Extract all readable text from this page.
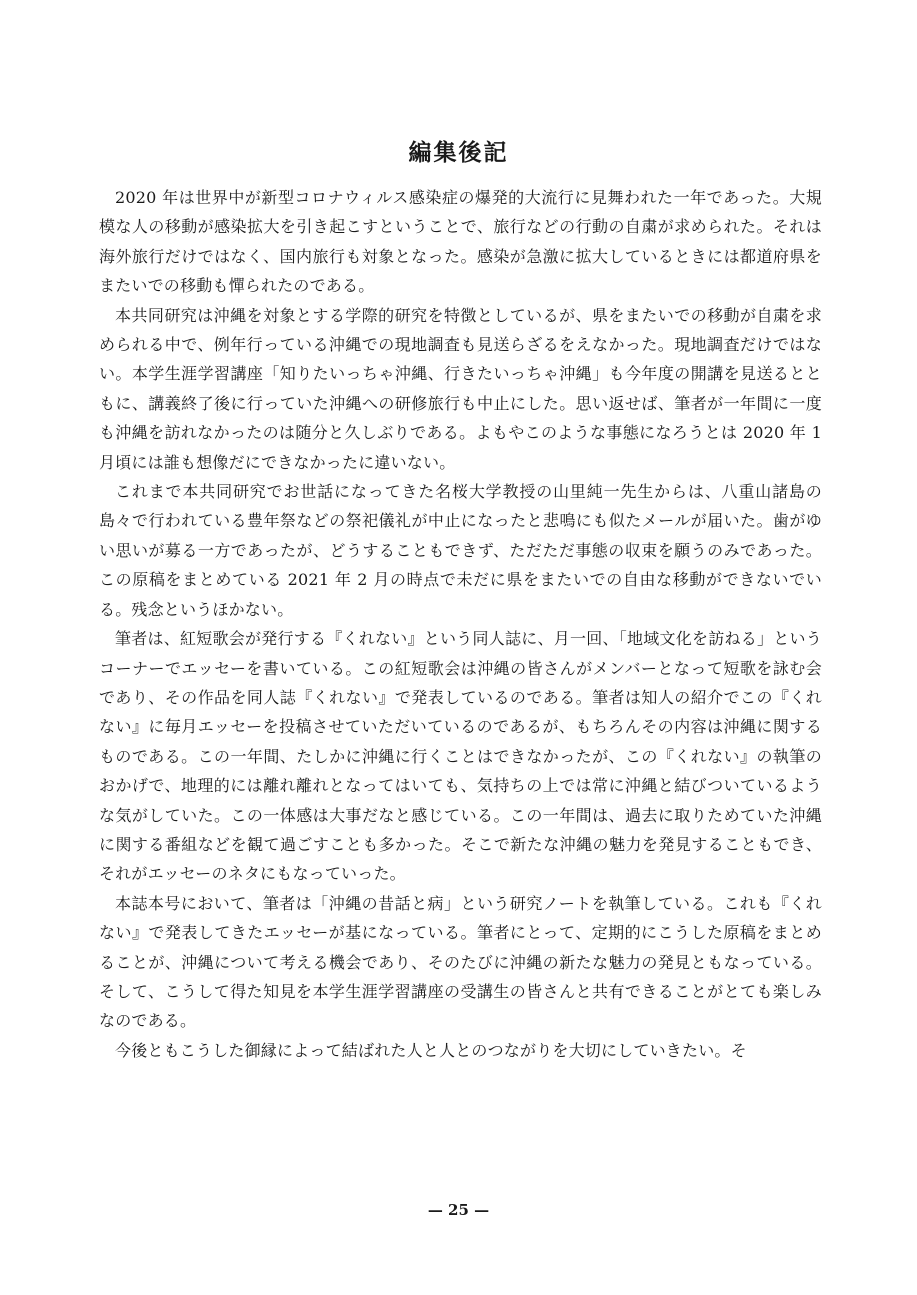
編集後記

2020 年は世界中が新型コロナウィルス感染症の爆発的大流行に見舞われた一年であった。大規模な人の移動が感染拡大を引き起こすということで、旅行などの行動の自粛が求められた。それは海外旅行だけではなく、国内旅行も対象となった。感染が急激に拡大しているときには都道府県をまたいでの移動も憚られたのである。

本共同研究は沖縄を対象とする学際的研究を特徴としているが、県をまたいでの移動が自粛を求められる中で、例年行っている沖縄での現地調査も見送らざるをえなかった。現地調査だけではない。本学生涯学習講座「知りたいっちゃ沖縄、行きたいっちゃ沖縄」も今年度の開講を見送るとともに、講義終了後に行っていた沖縄への研修旅行も中止にした。思い返せば、筆者が一年間に一度も沖縄を訪れなかったのは随分と久しぶりである。よもやこのような事態になろうとは 2020 年 1 月頃には誰も想像だにできなかったに違いない。

これまで本共同研究でお世話になってきた名桜大学教授の山里純一先生からは、八重山諸島の島々で行われている豊年祭などの祭祀儀礼が中止になったと悲鳴にも似たメールが届いた。歯がゆい思いが募る一方であったが、どうすることもできず、ただただ事態の収束を願うのみであった。この原稿をまとめている 2021 年 2 月の時点で未だに県をまたいでの自由な移動ができないでいる。残念というほかない。

筆者は、紅短歌会が発行する『くれない』という同人誌に、月一回、「地域文化を訪ねる」というコーナーでエッセーを書いている。この紅短歌会は沖縄の皆さんがメンバーとなって短歌を詠む会であり、その作品を同人誌『くれない』で発表しているのである。筆者は知人の紹介でこの『くれない』に毎月エッセーを投稿させていただいているのであるが、もちろんその内容は沖縄に関するものである。この一年間、たしかに沖縄に行くことはできなかったが、この『くれない』の執筆のおかげで、地理的には離れ離れとなってはいても、気持ちの上では常に沖縄と結びついているような気がしていた。この一体感は大事だなと感じている。この一年間は、過去に取りためていた沖縄に関する番組などを観て過ごすことも多かった。そこで新たな沖縄の魅力を発見することもでき、それがエッセーのネタにもなっていった。

本誌本号において、筆者は「沖縄の昔話と病」という研究ノートを執筆している。これも『くれない』で発表してきたエッセーが基になっている。筆者にとって、定期的にこうした原稿をまとめることが、沖縄について考える機会であり、そのたびに沖縄の新たな魅力の発見ともなっている。そして、こうして得た知見を本学生涯学習講座の受講生の皆さんと共有できることがとても楽しみなのである。

今後ともこうした御縁によって結ばれた人と人とのつながりを大切にしていきたい。そ

— 25 —
